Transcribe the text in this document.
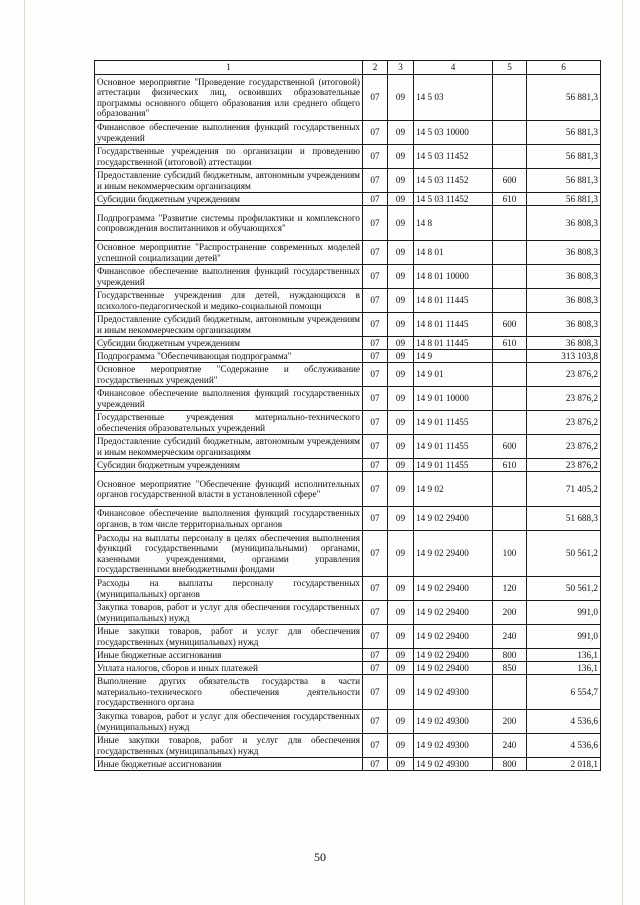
1	2	3	4	5	6
Основное мероприятие "Проведение государственной (итоговой) аттестации физических лиц, освоивших образовательные программы основного общего образования или среднего общего образования"	07	09	14 5 03		56 881,3
Финансовое обеспечение выполнения функций государственных учреждений	07	09	14 5 03 10000		56 881,3
Государственные учреждения по организации и проведению государственной (итоговой) аттестации	07	09	14 5 03 11452		56 881,3
Предоставление субсидий бюджетным, автономным учреждениям и иным некоммерческим организациям	07	09	14 5 03 11452	600	56 881,3
Субсидии бюджетным учреждениям	07	09	14 5 03 11452	610	56 881,3
Подпрограмма "Развитие системы профилактики и комплексного сопровождения воспитанников и обучающихся"	07	09	14 8		36 808,3
Основное мероприятие "Распространение современных моделей успешной социализации детей"	07	09	14 8 01		36 808,3
Финансовое обеспечение выполнения функций государственных учреждений	07	09	14 8 01 10000		36 808,3
Государственные учреждения для детей, нуждающихся в психолого-педагогической и медико-социальной помощи	07	09	14 8 01 11445		36 808,3
Предоставление субсидий бюджетным, автономным учреждениям и иным некоммерческим организациям	07	09	14 8 01 11445	600	36 808,3
Субсидии бюджетным учреждениям	07	09	14 8 01 11445	610	36 808,3
Подпрограмма "Обеспечивающая подпрограмма"	07	09	14 9		313 103,8
Основное мероприятие "Содержание и обслуживание государственных учреждений"	07	09	14 9 01		23 876,2
Финансовое обеспечение выполнения функций государственных учреждений	07	09	14 9 01 10000		23 876,2
Государственные учреждения материально-технического обеспечения образовательных учреждений	07	09	14 9 01 11455		23 876,2
Предоставление субсидий бюджетным, автономным учреждениям и иным некоммерческим организациям	07	09	14 9 01 11455	600	23 876,2
Субсидии бюджетным учреждениям	07	09	14 9 01 11455	610	23 876,2
Основное мероприятие "Обеспечение функций исполнительных органов государственной власти в установленной сфере"	07	09	14 9 02		71 405,2
Финансовое обеспечение выполнения функций государственных органов, в том числе территориальных органов	07	09	14 9 02 29400		51 688,3
Расходы на выплаты персоналу в целях обеспечения выполнения функций государственными (муниципальными) органами, казенными учреждениями, органами управления государственными внебюджетными фондами	07	09	14 9 02 29400	100	50 561,2
Расходы на выплаты персоналу государственных (муниципальных) органов	07	09	14 9 02 29400	120	50 561,2
Закупка товаров, работ и услуг для обеспечения государственных (муниципальных) нужд	07	09	14 9 02 29400	200	991,0
Иные закупки товаров, работ и услуг для обеспечения государственных (муниципальных) нужд	07	09	14 9 02 29400	240	991,0
Иные бюджетные ассигнования	07	09	14 9 02 29400	800	136,1
Уплата налогов, сборов и иных платежей	07	09	14 9 02 29400	850	136,1
Выполнение других обязательств государства в части материально-технического обеспечения деятельности государственного органа	07	09	14 9 02 49300		6 554,7
Закупка товаров, работ и услуг для обеспечения государственных (муниципальных) нужд	07	09	14 9 02 49300	200	4 536,6
Иные закупки товаров, работ и услуг для обеспечения государственных (муниципальных) нужд	07	09	14 9 02 49300	240	4 536,6
Иные бюджетные ассигнования	07	09	14 9 02 49300	800	2 018,1
50
